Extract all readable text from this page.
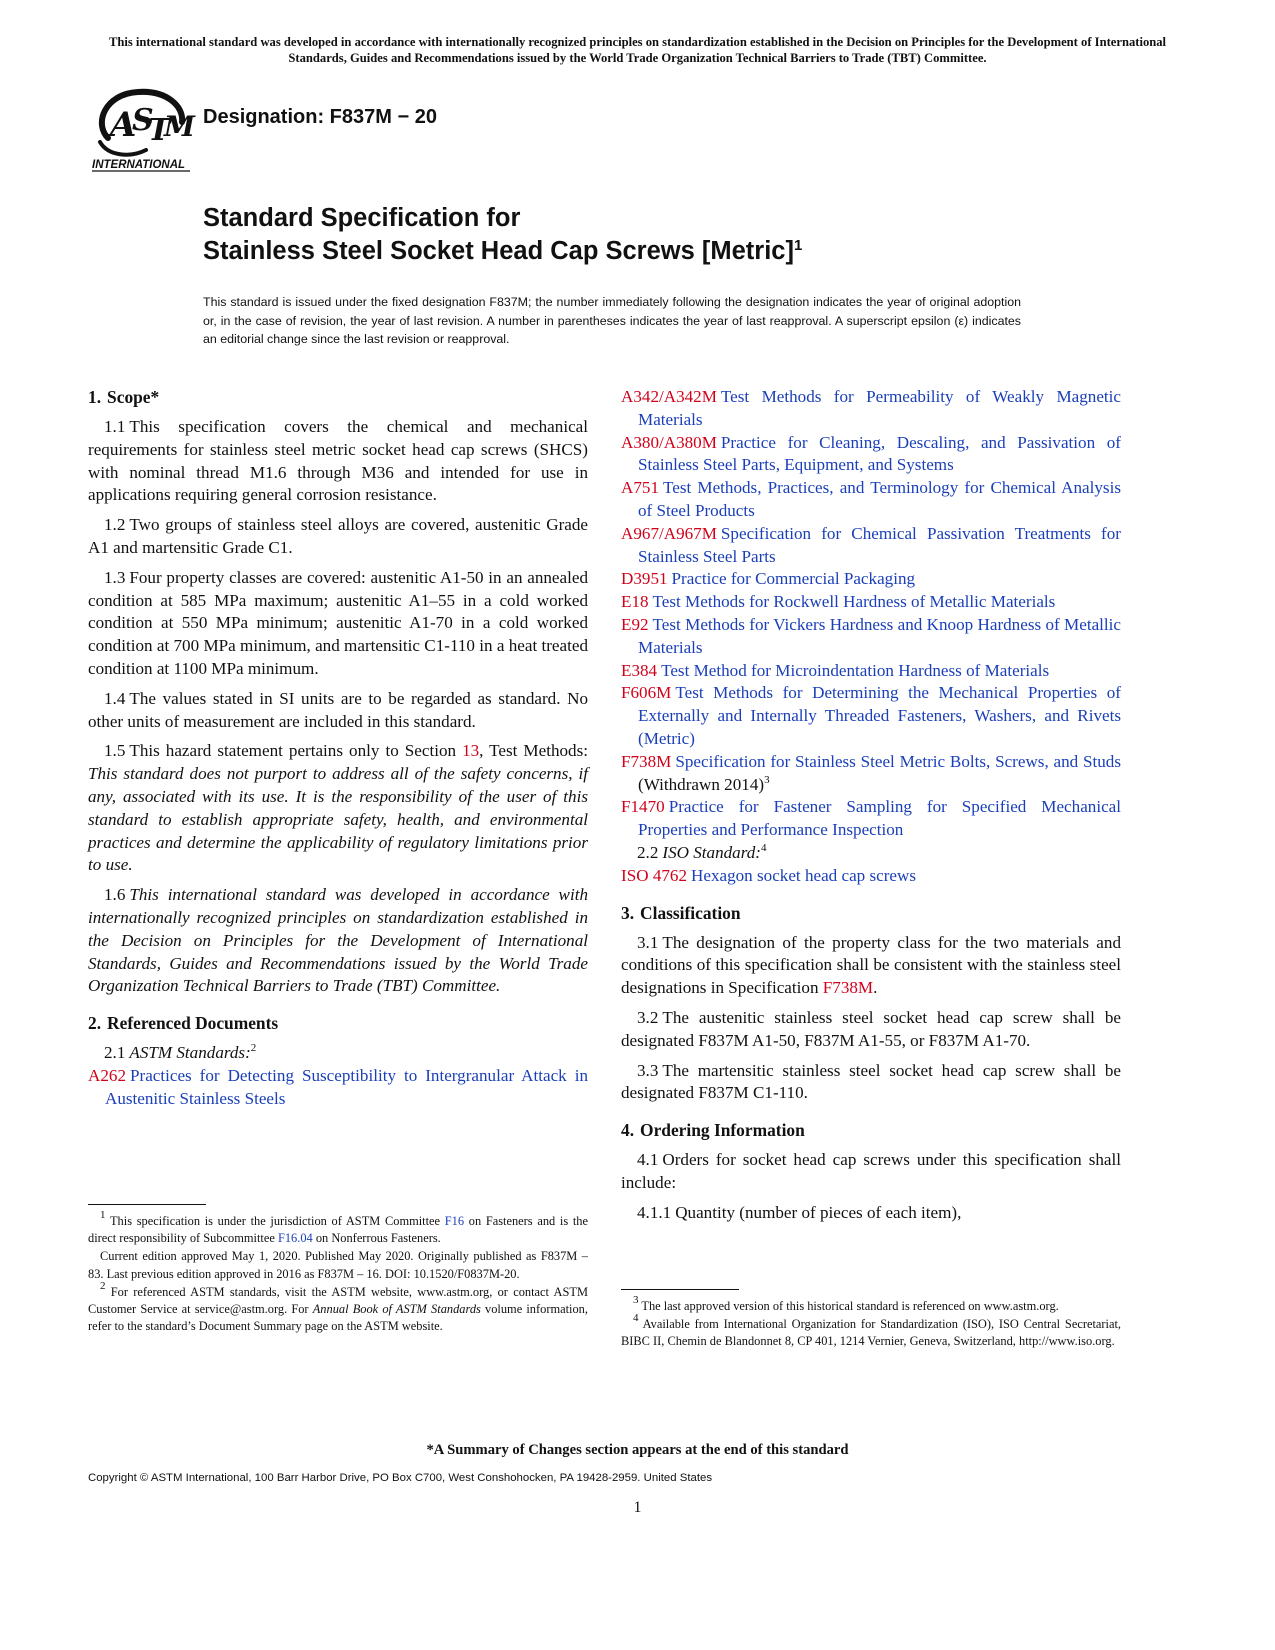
This international standard was developed in accordance with internationally recognized principles on standardization established in the Decision on Principles for the Development of International Standards, Guides and Recommendations issued by the World Trade Organization Technical Barriers to Trade (TBT) Committee.
A
S
T
M
INTERNATIONAL
Designation: F837M − 20
Standard Specification for
Stainless Steel Socket Head Cap Screws [Metric]$^1$
This standard is issued under the fixed designation F837M; the number immediately following the designation indicates the year of original adoption or, in the case of revision, the year of last revision. A number in parentheses indicates the year of last reapproval. A superscript epsilon (ε) indicates an editorial change since the last revision or reapproval.
1. Scope*

1.1 This specification covers the chemical and mechanical requirements for stainless steel metric socket head cap screws (SHCS) with nominal thread M1.6 through M36 and intended for use in applications requiring general corrosion resistance.

1.2 Two groups of stainless steel alloys are covered, austenitic Grade A1 and martensitic Grade C1.

1.3 Four property classes are covered: austenitic A1-50 in an annealed condition at 585 MPa maximum; austenitic A1–55 in a cold worked condition at 550 MPa minimum; austenitic A1-70 in a cold worked condition at 700 MPa minimum, and martensitic C1-110 in a heat treated condition at 1100 MPa minimum.

1.4 The values stated in SI units are to be regarded as standard. No other units of measurement are included in this standard.

1.5 This hazard statement pertains only to Section 13, Test Methods: This standard does not purport to address all of the safety concerns, if any, associated with its use. It is the responsibility of the user of this standard to establish appropriate safety, health, and environmental practices and determine the applicability of regulatory limitations prior to use.

1.6 This international standard was developed in accordance with internationally recognized principles on standardization established in the Decision on Principles for the Development of International Standards, Guides and Recommendations issued by the World Trade Organization Technical Barriers to Trade (TBT) Committee.

2. Referenced Documents

2.1 ASTM Standards:$^2$

A262 Practices for Detecting Susceptibility to Intergranular Attack in Austenitic Stainless Steels

$^1$ This specification is under the jurisdiction of ASTM Committee F16 on Fasteners and is the direct responsibility of Subcommittee F16.04 on Nonferrous Fasteners.

Current edition approved May 1, 2020. Published May 2020. Originally published as F837M – 83. Last previous edition approved in 2016 as F837M – 16. DOI: 10.1520/F0837M-20.

$^2$ For referenced ASTM standards, visit the ASTM website, www.astm.org, or contact ASTM Customer Service at service@astm.org. For Annual Book of ASTM Standards volume information, refer to the standard’s Document Summary page on the ASTM website.

A342/A342M Test Methods for Permeability of Weakly Magnetic Materials
A380/A380M Practice for Cleaning, Descaling, and Passivation of Stainless Steel Parts, Equipment, and Systems
A751 Test Methods, Practices, and Terminology for Chemical Analysis of Steel Products
A967/A967M Specification for Chemical Passivation Treatments for Stainless Steel Parts
D3951 Practice for Commercial Packaging
E18 Test Methods for Rockwell Hardness of Metallic Materials
E92 Test Methods for Vickers Hardness and Knoop Hardness of Metallic Materials
E384 Test Method for Microindentation Hardness of Materials
F606M Test Methods for Determining the Mechanical Properties of Externally and Internally Threaded Fasteners, Washers, and Rivets (Metric)
F738M Specification for Stainless Steel Metric Bolts, Screws, and Studs (Withdrawn 2014)$^3$
F1470 Practice for Fastener Sampling for Specified Mechanical Properties and Performance Inspection

2.2 ISO Standard:$^4$

ISO 4762 Hexagon socket head cap screws
3. Classification

3.1 The designation of the property class for the two materials and conditions of this specification shall be consistent with the stainless steel designations in Specification F738M.

3.2 The austenitic stainless steel socket head cap screw shall be designated F837M A1-50, F837M A1-55, or F837M A1-70.

3.3 The martensitic stainless steel socket head cap screw shall be designated F837M C1-110.

4. Ordering Information

4.1 Orders for socket head cap screws under this specification shall include:

4.1.1 Quantity (number of pieces of each item),

$^3$ The last approved version of this historical standard is referenced on www.astm.org.

$^4$ Available from International Organization for Standardization (ISO), ISO Central Secretariat, BIBC II, Chemin de Blandonnet 8, CP 401, 1214 Vernier, Geneva, Switzerland, http://www.iso.org.

*A Summary of Changes section appears at the end of this standard
Copyright © ASTM International, 100 Barr Harbor Drive, PO Box C700, West Conshohocken, PA 19428-2959. United States
1
